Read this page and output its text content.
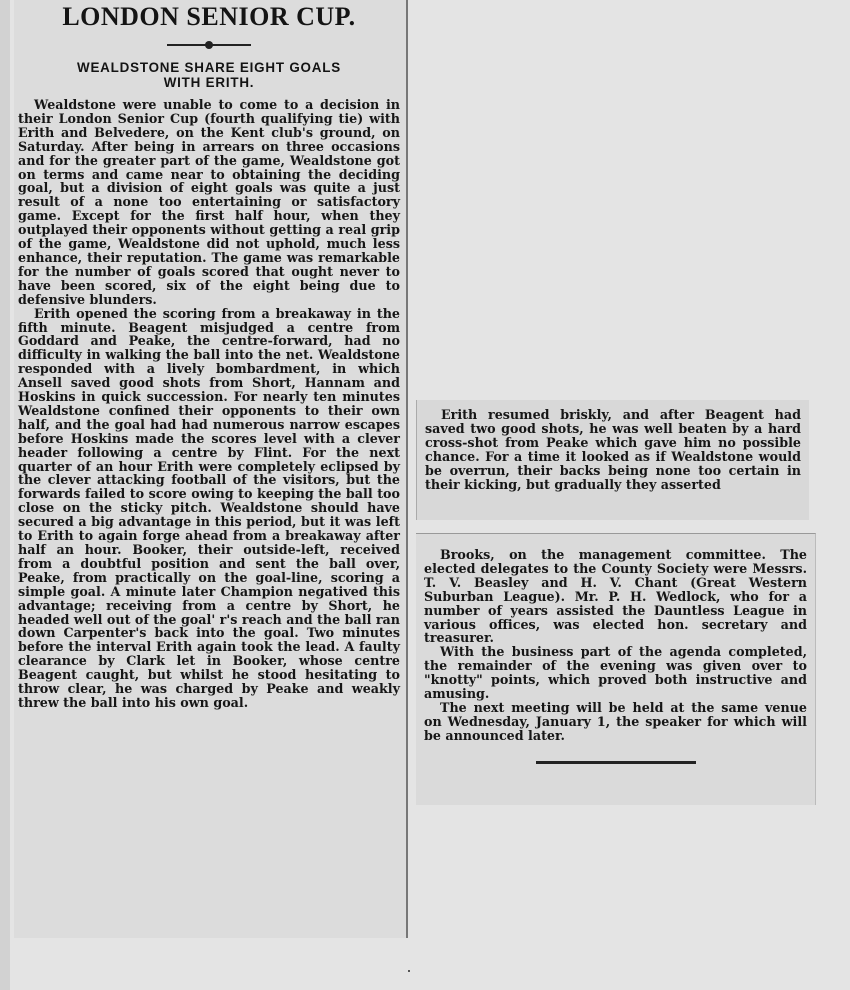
LONDON SENIOR CUP.
WEALDSTONE SHARE EIGHT GOALS
WITH ERITH.

Wealdstone were unable to come to a decision in their London Senior Cup (fourth qualifying tie) with Erith and Belvedere, on the Kent club's ground, on Saturday. After being in arrears on three occasions and for the greater part of the game, Wealdstone got on terms and came near to obtaining the deciding goal, but a division of eight goals was quite a just result of a none too entertaining or satisfactory game. Except for the first half hour, when they outplayed their opponents without getting a real grip of the game, Wealdstone did not uphold, much less enhance, their reputation. The game was remarkable for the number of goals scored that ought never to have been scored, six of the eight being due to defensive blunders.

Erith opened the scoring from a breakaway in the fifth minute. Beagent misjudged a centre from Goddard and Peake, the centre-forward, had no difficulty in walking the ball into the net. Wealdstone responded with a lively bombardment, in which Ansell saved good shots from Short, Hannam and Hoskins in quick succession. For nearly ten minutes Wealdstone confined their opponents to their own half, and the goal had had numerous narrow escapes before Hoskins made the scores level with a clever header following a centre by Flint. For the next quarter of an hour Erith were completely eclipsed by the clever attacking football of the visitors, but the forwards failed to score owing to keeping the ball too close on the sticky pitch. Wealdstone should have secured a big advantage in this period, but it was left to Erith to again forge ahead from a breakaway after half an hour. Booker, their outside-left, received from a doubtful position and sent the ball over, Peake, from practically on the goal-line, scoring a simple goal. A minute later Champion negatived this advantage; receiving from a centre by Short, he headed well out of the goal' r's reach and the ball ran down Carpenter's back into the goal. Two minutes before the interval Erith again took the lead. A faulty clearance by Clark let in Booker, whose centre Beagent caught, but whilst he stood hesitating to throw clear, he was charged by Peake and weakly threw the ball into his own goal.

Erith resumed briskly, and after Beagent had saved two good shots, he was well beaten by a hard cross-shot from Peake which gave him no possible chance. For a time it looked as if Wealdstone would be overrun, their backs being none too certain in their kicking, but gradually they asserted

Brooks, on the management committee. The elected delegates to the County Society were Messrs. T. V. Beasley and H. V. Chant (Great Western Suburban League). Mr. P. H. Wedlock, who for a number of years assisted the Dauntless League in various offices, was elected hon. secretary and treasurer.

With the business part of the agenda completed, the remainder of the evening was given over to "knotty" points, which proved both instructive and amusing.

The next meeting will be held at the same venue on Wednesday, January 1, the speaker for which will be announced later.
